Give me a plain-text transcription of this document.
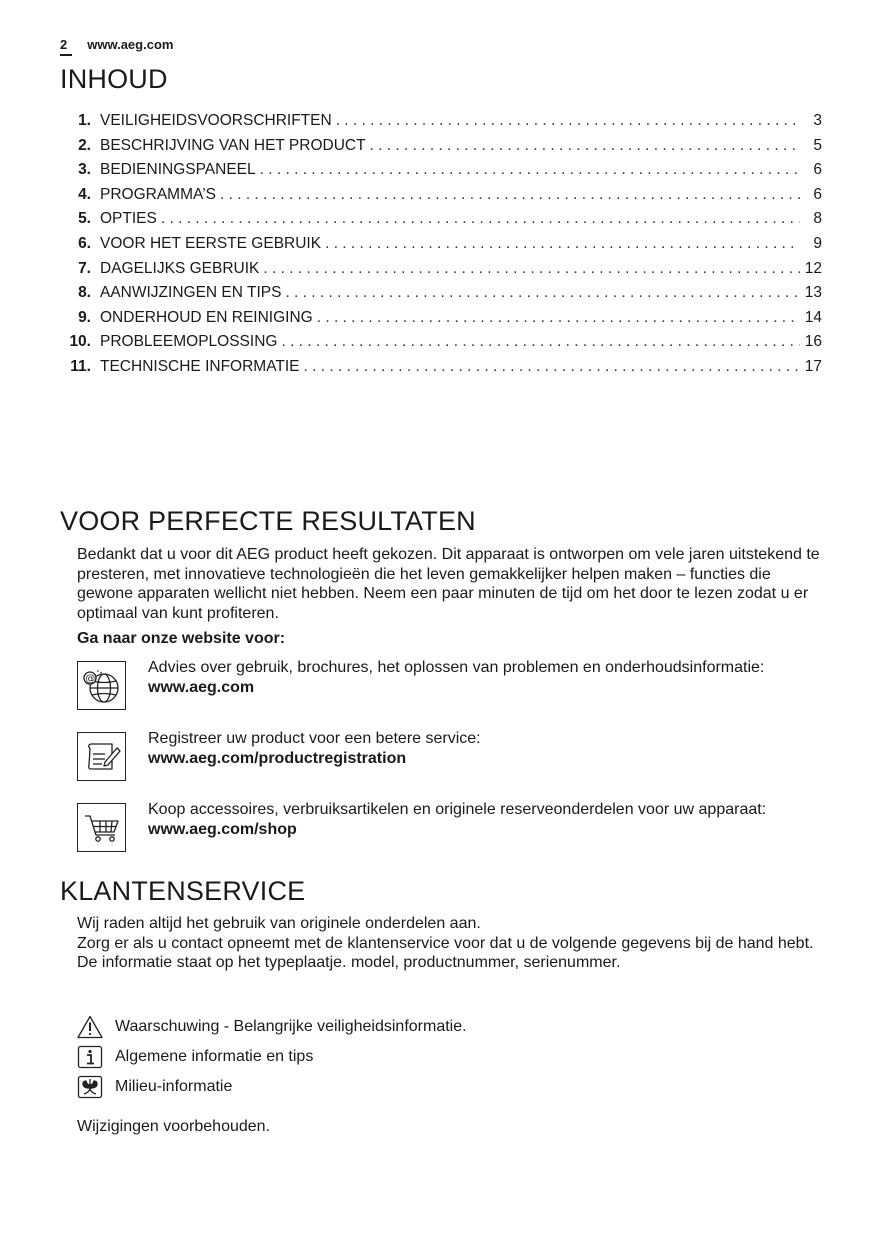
2 www.aeg.com
INHOUD
1. VEILIGHEIDSVOORSCHRIFTEN . . .	3
2. BESCHRIJVING VAN HET PRODUCT . . .	5
3. BEDIENINGSPANEEL . . .	6
4. PROGRAMMA’S . . .	6
5. OPTIES . . .	8
6. VOOR HET EERSTE GEBRUIK . . .	9
7. DAGELIJKS GEBRUIK . . .	12
8. AANWIJZINGEN EN TIPS . . .	13
9. ONDERHOUD EN REINIGING . . .	14
10. PROBLEEMOPLOSSING . . .	16
11. TECHNISCHE INFORMATIE . . .	17
VOOR PERFECTE RESULTATEN
Bedankt dat u voor dit AEG product heeft gekozen. Dit apparaat is ontworpen om vele jaren uitstekend te presteren, met innovatieve technologieën die het leven gemakkelijker helpen maken – functies die gewone apparaten wellicht niet hebben. Neem een paar minuten de tijd om het door te lezen zodat u er optimaal van kunt profiteren.
Ga naar onze website voor:
@
Advies over gebruik, brochures, het oplossen van problemen en onderhoudsinformatie:
www.aeg.com
Registreer uw product voor een betere service:
www.aeg.com/productregistration
Koop accessoires, verbruiksartikelen en originele reserveonderdelen voor uw apparaat:
www.aeg.com/shop
KLANTENSERVICE
Wij raden altijd het gebruik van originele onderdelen aan.
Zorg er als u contact opneemt met de klantenservice voor dat u de volgende gegevens bij de hand hebt.
De informatie staat op het typeplaatje. model, productnummer, serienummer.
Waarschuwing - Belangrijke veiligheidsinformatie.
Algemene informatie en tips
Milieu-informatie
Wijzigingen voorbehouden.
